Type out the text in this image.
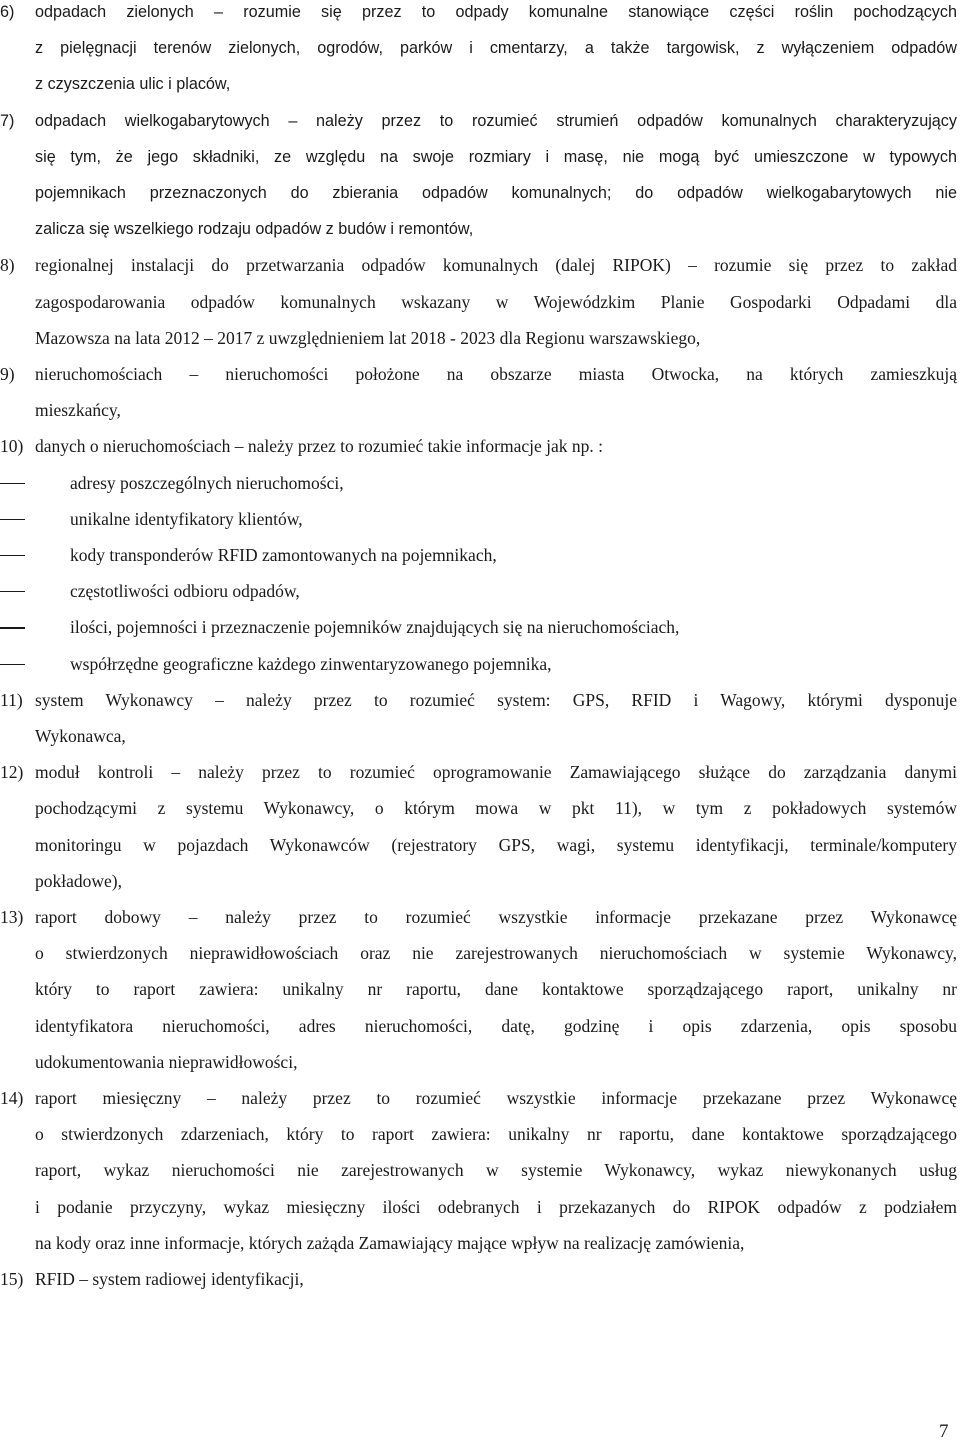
6) odpadach zielonych – rozumie się przez to odpady komunalne stanowiące części roślin pochodzących
z pielęgnacji terenów zielonych, ogrodów, parków i cmentarzy, a także targowisk, z wyłączeniem odpadów
z czyszczenia ulic i placów,
7) odpadach wielkogabarytowych – należy przez to rozumieć strumień odpadów komunalnych charakteryzujący
się tym, że jego składniki, ze względu na swoje rozmiary i masę, nie mogą być umieszczone w typowych
pojemnikach przeznaczonych do zbierania odpadów komunalnych; do odpadów wielkogabarytowych nie
zalicza się wszelkiego rodzaju odpadów z budów i remontów,
8) regionalnej instalacji do przetwarzania odpadów komunalnych (dalej RIPOK) – rozumie się przez to zakład
zagospodarowania odpadów komunalnych wskazany w Wojewódzkim Planie Gospodarki Odpadami dla
Mazowsza na lata 2012 – 2017 z uwzględnieniem lat 2018 - 2023 dla Regionu warszawskiego,
9) nieruchomościach – nieruchomości położone na obszarze miasta Otwocka, na których zamieszkują
mieszkańcy,
10) danych o nieruchomościach – należy przez to rozumieć takie informacje jak np. :
adresy poszczególnych nieruchomości,
unikalne identyfikatory klientów,
kody transponderów RFID zamontowanych na pojemnikach,
częstotliwości odbioru odpadów,
ilości, pojemności i przeznaczenie pojemników znajdujących się na nieruchomościach,
współrzędne geograficzne każdego zinwentaryzowanego pojemnika,
11) system Wykonawcy – należy przez to rozumieć system: GPS, RFID i Wagowy, którymi dysponuje
Wykonawca,
12) moduł kontroli – należy przez to rozumieć oprogramowanie Zamawiającego służące do zarządzania danymi
pochodzącymi z systemu Wykonawcy, o którym mowa w pkt 11), w tym z pokładowych systemów
monitoringu w pojazdach Wykonawców (rejestratory GPS, wagi, systemu identyfikacji, terminale/komputery
pokładowe),
13) raport dobowy – należy przez to rozumieć wszystkie informacje przekazane przez Wykonawcę
o stwierdzonych nieprawidłowościach oraz nie zarejestrowanych nieruchomościach w systemie Wykonawcy,
który to raport zawiera: unikalny nr raportu, dane kontaktowe sporządzającego raport, unikalny nr
identyfikatora nieruchomości, adres nieruchomości, datę, godzinę i opis zdarzenia, opis sposobu
udokumentowania nieprawidłowości,
14) raport miesięczny – należy przez to rozumieć wszystkie informacje przekazane przez Wykonawcę
o stwierdzonych zdarzeniach, który to raport zawiera: unikalny nr raportu, dane kontaktowe sporządzającego
raport, wykaz nieruchomości nie zarejestrowanych w systemie Wykonawcy, wykaz niewykonanych usług
i podanie przyczyny, wykaz miesięczny ilości odebranych i przekazanych do RIPOK odpadów z podziałem
na kody oraz inne informacje, których zażąda Zamawiający mające wpływ na realizację zamówienia,
15) RFID – system radiowej identyfikacji,
7
